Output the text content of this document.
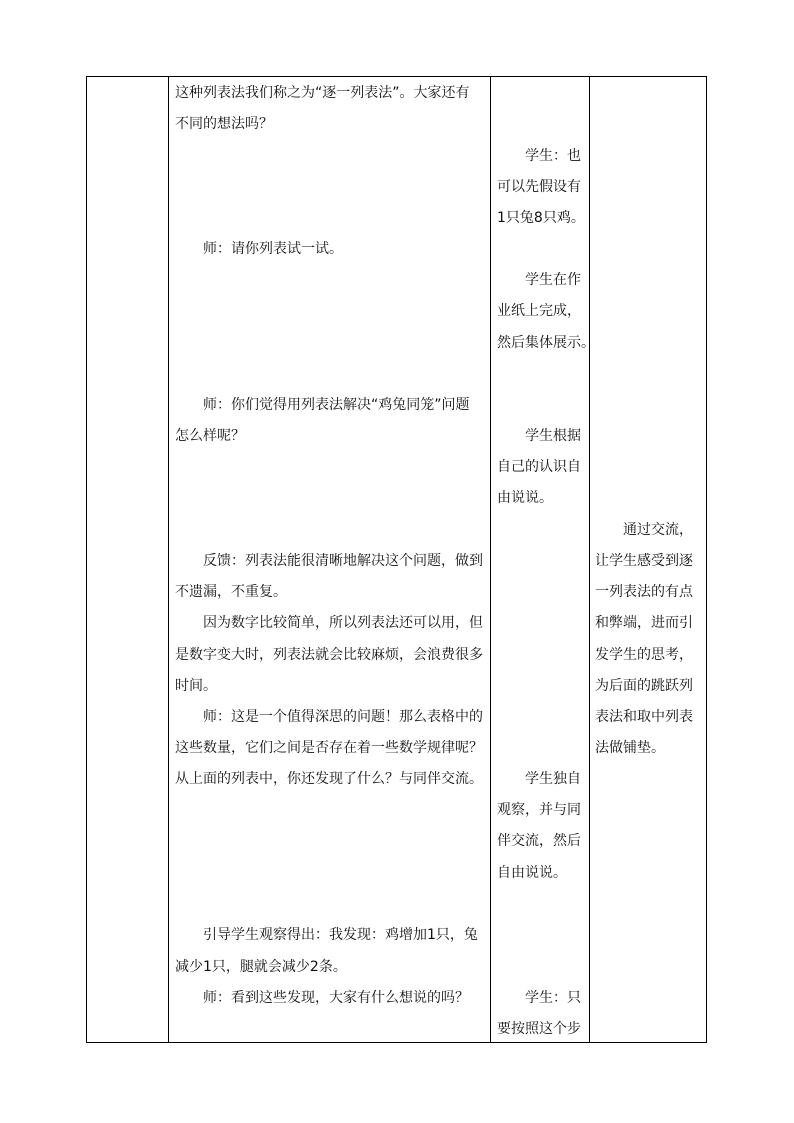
这种列表法我们称之为“逐一列表法”。大家还有
不同的想法吗？
师：请你列表试一试。
师：你们觉得用列表法解决“鸡兔同笼”问题
怎么样呢？
反馈：列表法能很清晰地解决这个问题，做到
不遗漏，不重复。
因为数字比较简单，所以列表法还可以用，但
是数字变大时，列表法就会比较麻烦，会浪费很多
时间。
师：这是一个值得深思的问题！那么表格中的
这些数量，它们之间是否存在着一些数学规律呢？
从上面的列表中，你还发现了什么？与同伴交流。
引导学生观察得出：我发现：鸡增加1只，兔
减少1只，腿就会减少2条。
师：看到这些发现，大家有什么想说的吗？
学生：也
可以先假设有
1只兔8只鸡。
学生在作
业纸上完成，
然后集体展示。
学生根据
自己的认识自
由说说。
学生独自
观察，并与同
伴交流，然后
自由说说。
学生：只
要按照这个步
通过交流，
让学生感受到逐
一列表法的有点
和弊端，进而引
发学生的思考，
为后面的跳跃列
表法和取中列表
法做铺垫。
